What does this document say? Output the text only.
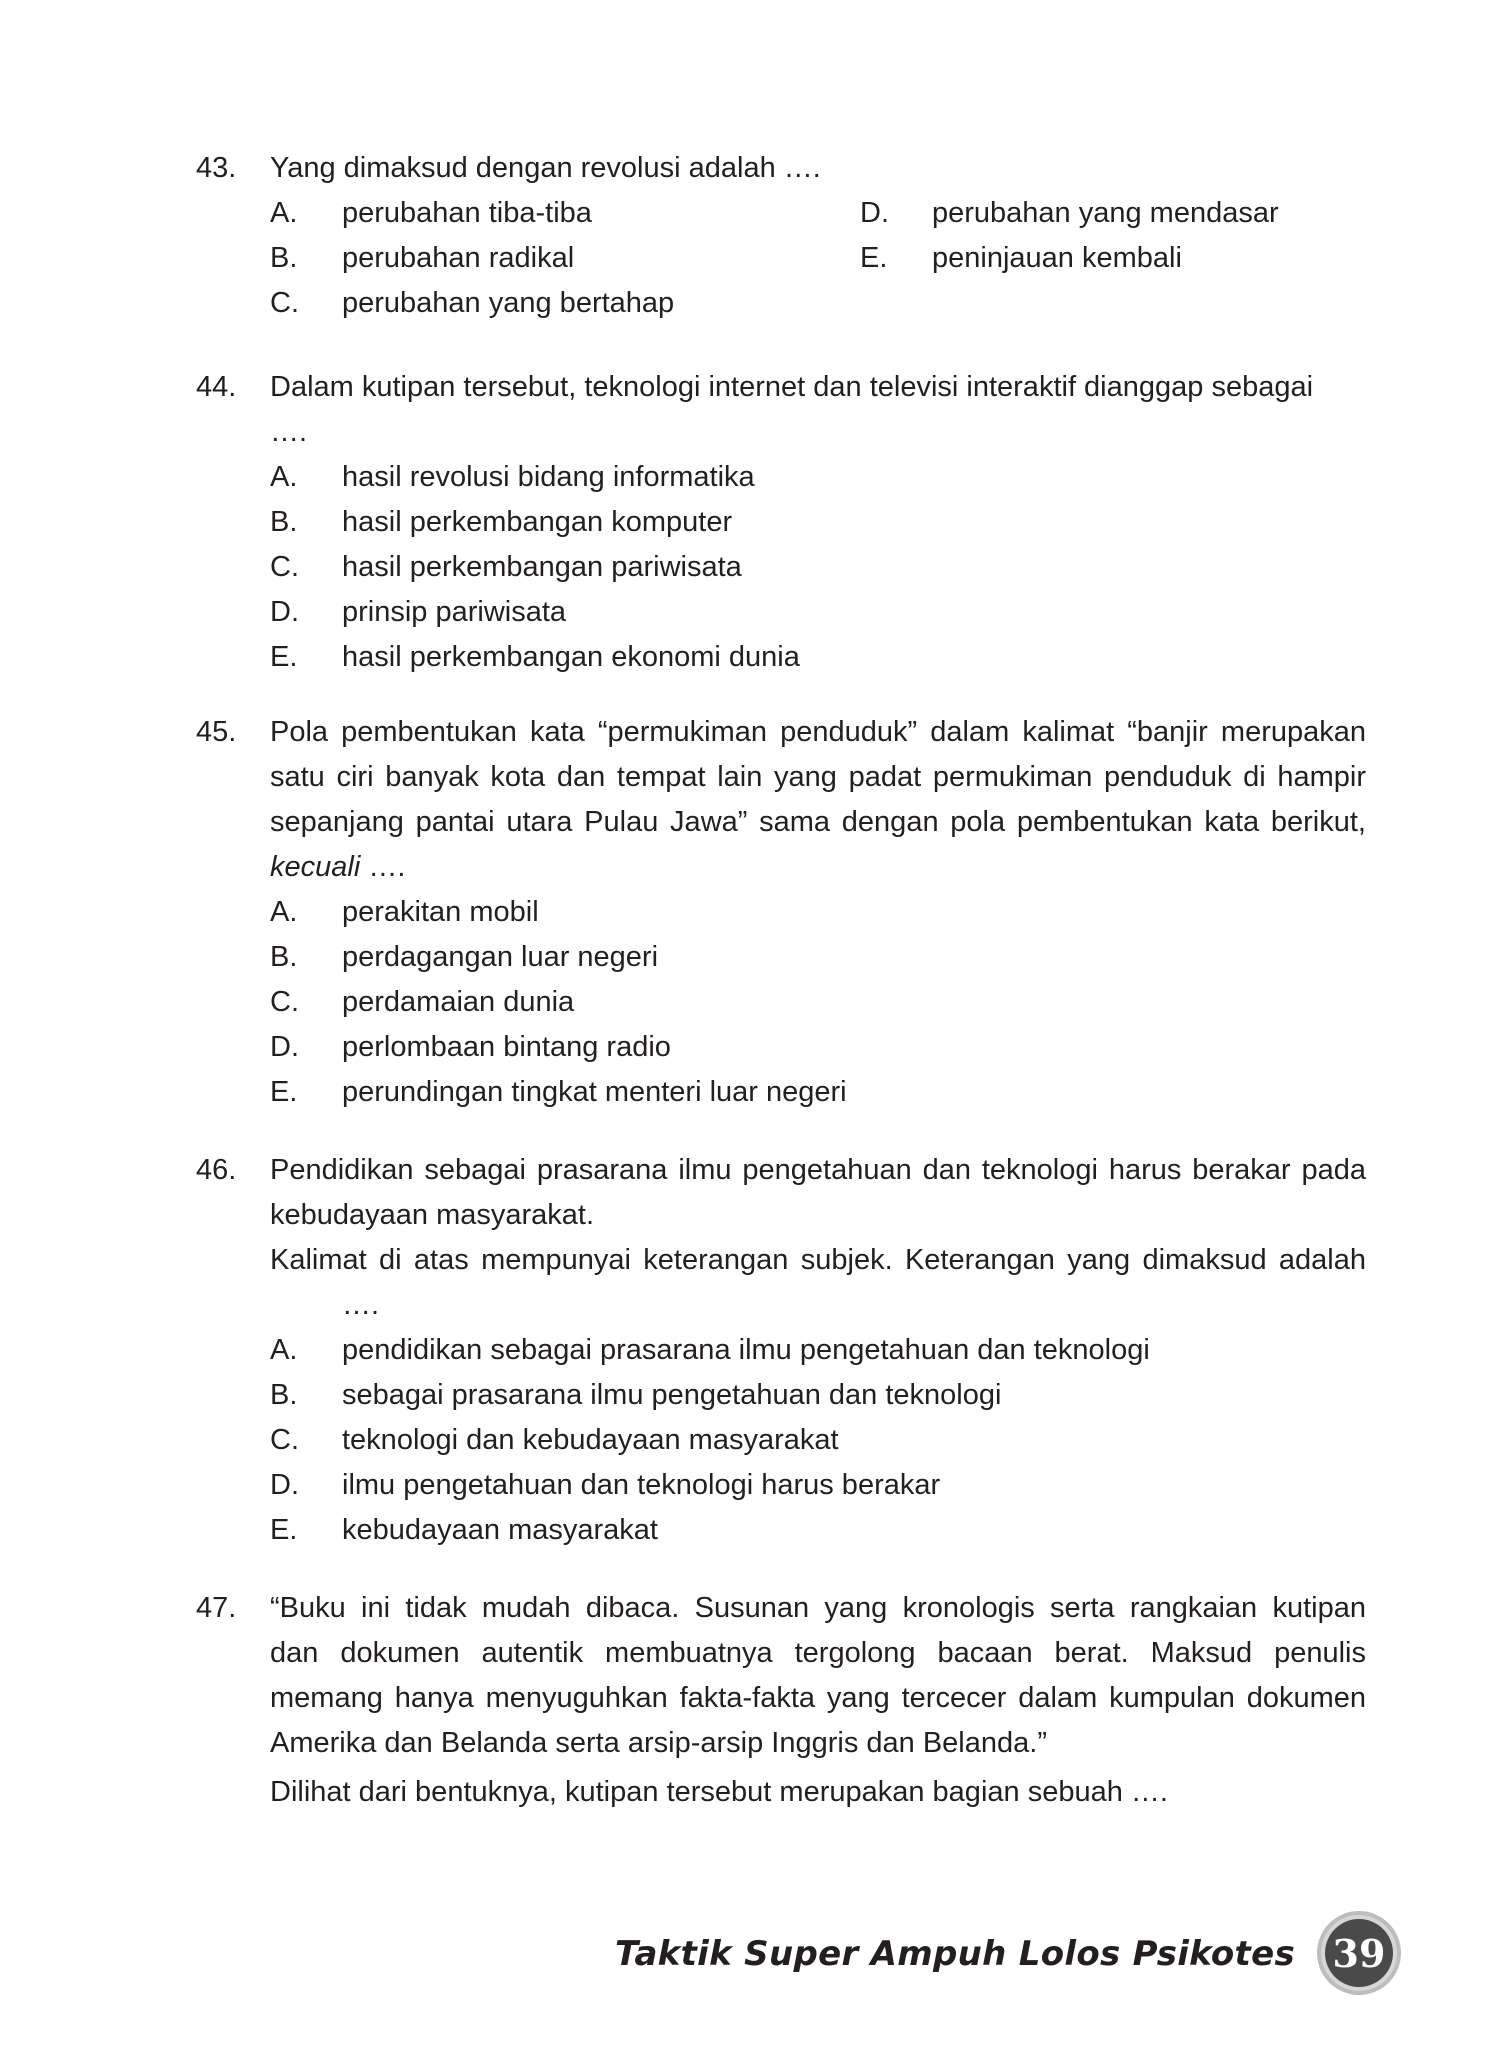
43.	Yang dimaksud dengan revolusi adalah ….
A.	perubahan tiba-tiba	D.	perubahan yang mendasar
B.	perubahan radikal	E.	peninjauan kembali
C.	perubahan yang bertahap
44.	Dalam kutipan tersebut, teknologi internet dan televisi interaktif dianggap sebagai
….
A.	hasil revolusi bidang informatika
B.	hasil perkembangan komputer
C.	hasil perkembangan pariwisata
D.	prinsip pariwisata
E.	hasil perkembangan ekonomi dunia
45.	Pola pembentukan kata “permukiman penduduk” dalam kalimat “banjir merupakan
satu ciri banyak kota dan tempat lain yang padat permukiman penduduk di hampir
sepanjang pantai utara Pulau Jawa” sama dengan pola pembentukan kata berikut,
kecuali ….
A.	perakitan mobil
B.	perdagangan luar negeri
C.	perdamaian dunia
D.	perlombaan bintang radio
E.	perundingan tingkat menteri luar negeri
46.	Pendidikan sebagai prasarana ilmu pengetahuan dan teknologi harus berakar pada
kebudayaan masyarakat.
Kalimat di atas mempunyai keterangan subjek. Keterangan yang dimaksud adalah
….
A.	pendidikan sebagai prasarana ilmu pengetahuan dan teknologi
B.	sebagai prasarana ilmu pengetahuan dan teknologi
C.	teknologi dan kebudayaan masyarakat
D.	ilmu pengetahuan dan teknologi harus berakar
E.	kebudayaan masyarakat
47.	“Buku ini tidak mudah dibaca. Susunan yang kronologis serta rangkaian kutipan
dan dokumen autentik membuatnya tergolong bacaan berat. Maksud penulis
memang hanya menyuguhkan fakta-fakta yang tercecer dalam kumpulan dokumen
Amerika dan Belanda serta arsip-arsip Inggris dan Belanda.”
Dilihat dari bentuknya, kutipan tersebut merupakan bagian sebuah ….
Taktik Super Ampuh Lolos Psikotes 39
